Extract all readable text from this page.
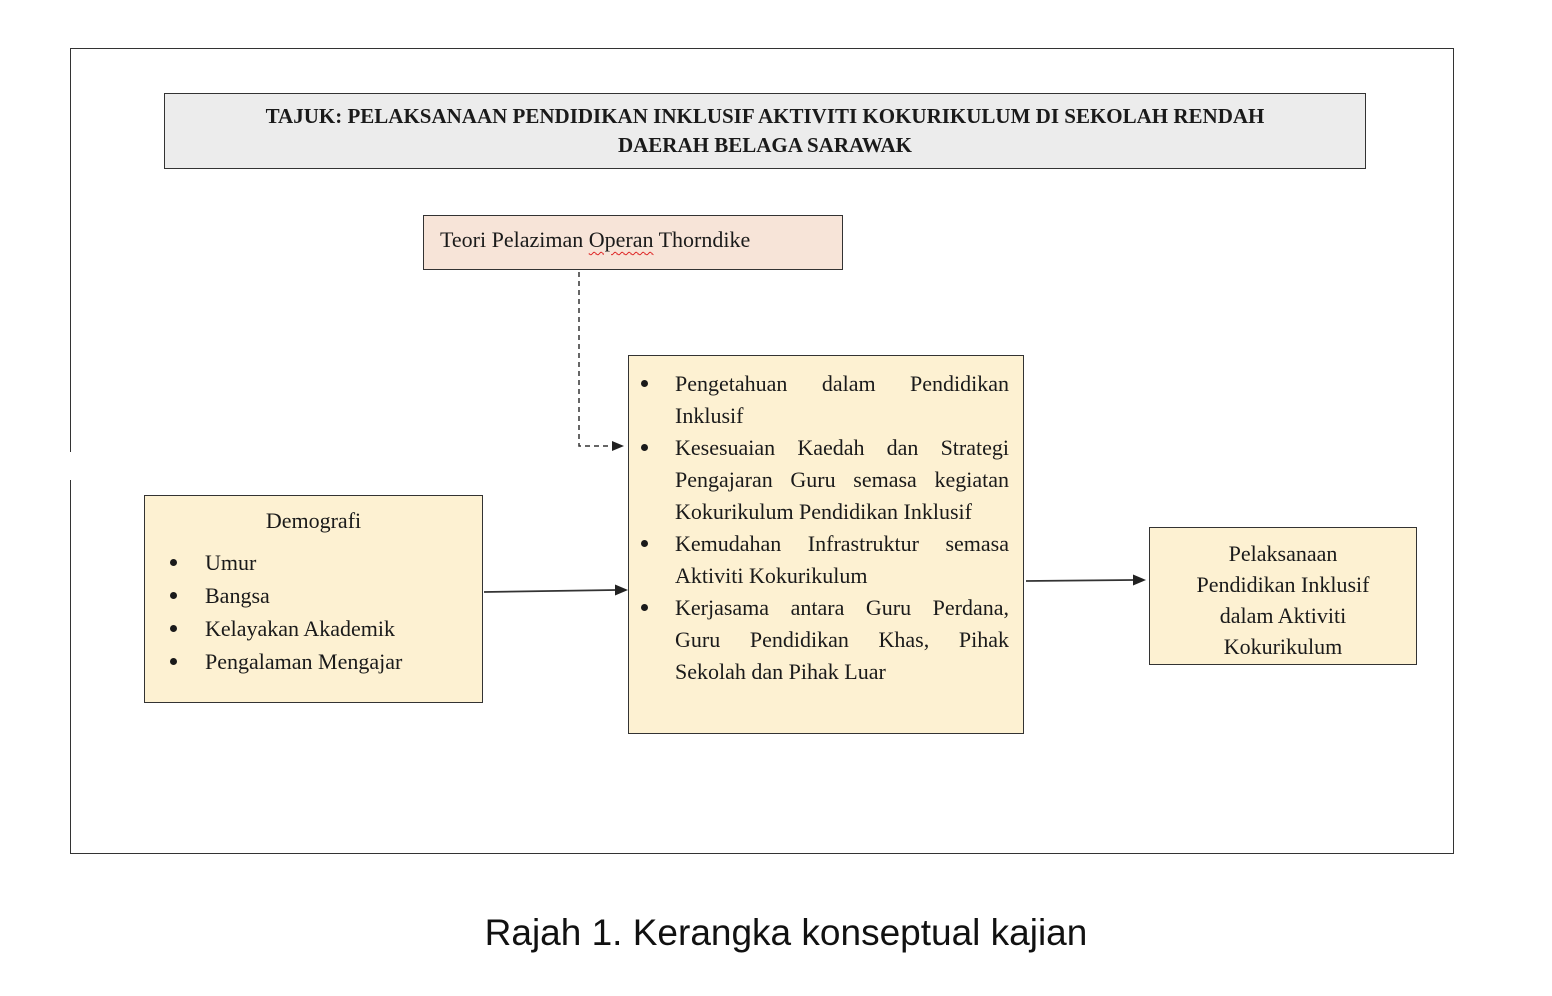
TAJUK: PELAKSANAAN PENDIDIKAN INKLUSIF AKTIVITI KOKURIKULUM DI SEKOLAH RENDAH
DAERAH BELAGA SARAWAK
Teori Pelaziman Operan Thorndike
Pengetahuan dalam Pendidikan Inklusif
Kesesuaian Kaedah dan Strategi Pengajaran Guru semasa kegiatan Kokurikulum Pendidikan Inklusif
Kemudahan Infrastruktur semasa Aktiviti Kokurikulum
Kerjasama antara Guru Perdana, Guru Pendidikan Khas, Pihak Sekolah dan Pihak Luar
Demografi
Umur
Bangsa
Kelayakan Akademik
Pengalaman Mengajar
Pelaksanaan
Pendidikan Inklusif
dalam Aktiviti
Kokurikulum
Rajah 1. Kerangka konseptual kajian
